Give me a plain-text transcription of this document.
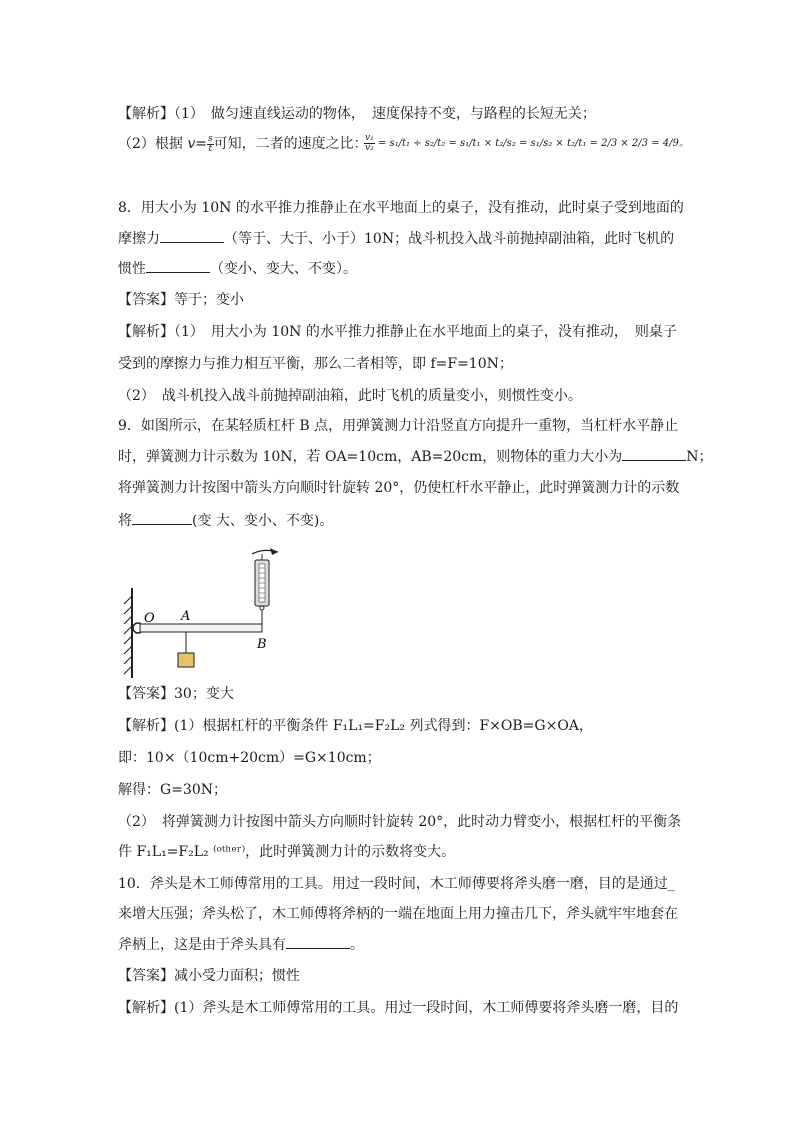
【解析】（1）　做匀速直线运动的物体，　速度保持不变，与路程的长短无关；
（2）根据 $v= \frac{s}{t}$ 可知，二者的速度之比：
$\frac{\text{v₁}}{\text{v₂}} = s_1/t_1 \div s_2/t_2 = s_1/t_1 \times t_2/s_2 = s_1/s_2 \times t_2/t_1 = 2/3 \times 2/3 = 4/9$。
8．用大小为 10N 的水平推力推静止在水平地面上的桌子，没有推动，此时桌子受到地面的
摩擦力	（等于、大于、小于）10N；战斗机投入战斗前抛掉副油箱，此时飞机的
惯性	（变小、变大、不变）。
【答案】等于；变小
【解析】（1）　用大小为 10N 的水平推力推静止在水平地面上的桌子，没有推动，　则桌子
受到的摩擦力与推力相互平衡，那么二者相等，即 f=F=10N；
（2）　战斗机投入战斗前抛掉副油箱，此时飞机的质量变小，则惯性变小。
9．如图所示，在某轻质杠杆 B 点，用弹簧测力计沿竖直方向提升一重物，当杠杆水平静止
时，弹簧测力计示数为 10N，若 OA=10cm，AB=20cm，则物体的重力大小为	N；
将弹簧测力计按图中箭头方向顺时针旋转 20°，仍使杠杆水平静止，此时弹簧测力计的示数
将	(变 大、变小、不变)。
O A
B
【答案】30；变大
【解析】(1）根据杠杆的平衡条件 F₁L₁=F₂L₂ 列式得到：F×OB=G×OA，
即：10×（10cm+20cm）=G×10cm；
解得：G=30N；
（2）　将弹簧测力计按图中箭头方向顺时针旋转 20°，此时动力臂变小，根据杠杆的平衡条
件 F₁L₁=F₂L₂ ⁽ᵒᵗʰᵉʳ⁾，此时弹簧测力计的示数将变大。
10．斧头是木工师傅常用的工具。用过一段时间，木工师傅要将斧头磨一磨，目的是通过_
来增大压强；斧头松了，木工师傅将斧柄的一端在地面上用力撞击几下，斧头就牢牢地套在
斧柄上，这是由于斧头具有	。
【答案】减小受力面积；惯性
【解析】(1）斧头是木工师傅常用的工具。用过一段时间，木工师傅要将斧头磨一磨，目的
